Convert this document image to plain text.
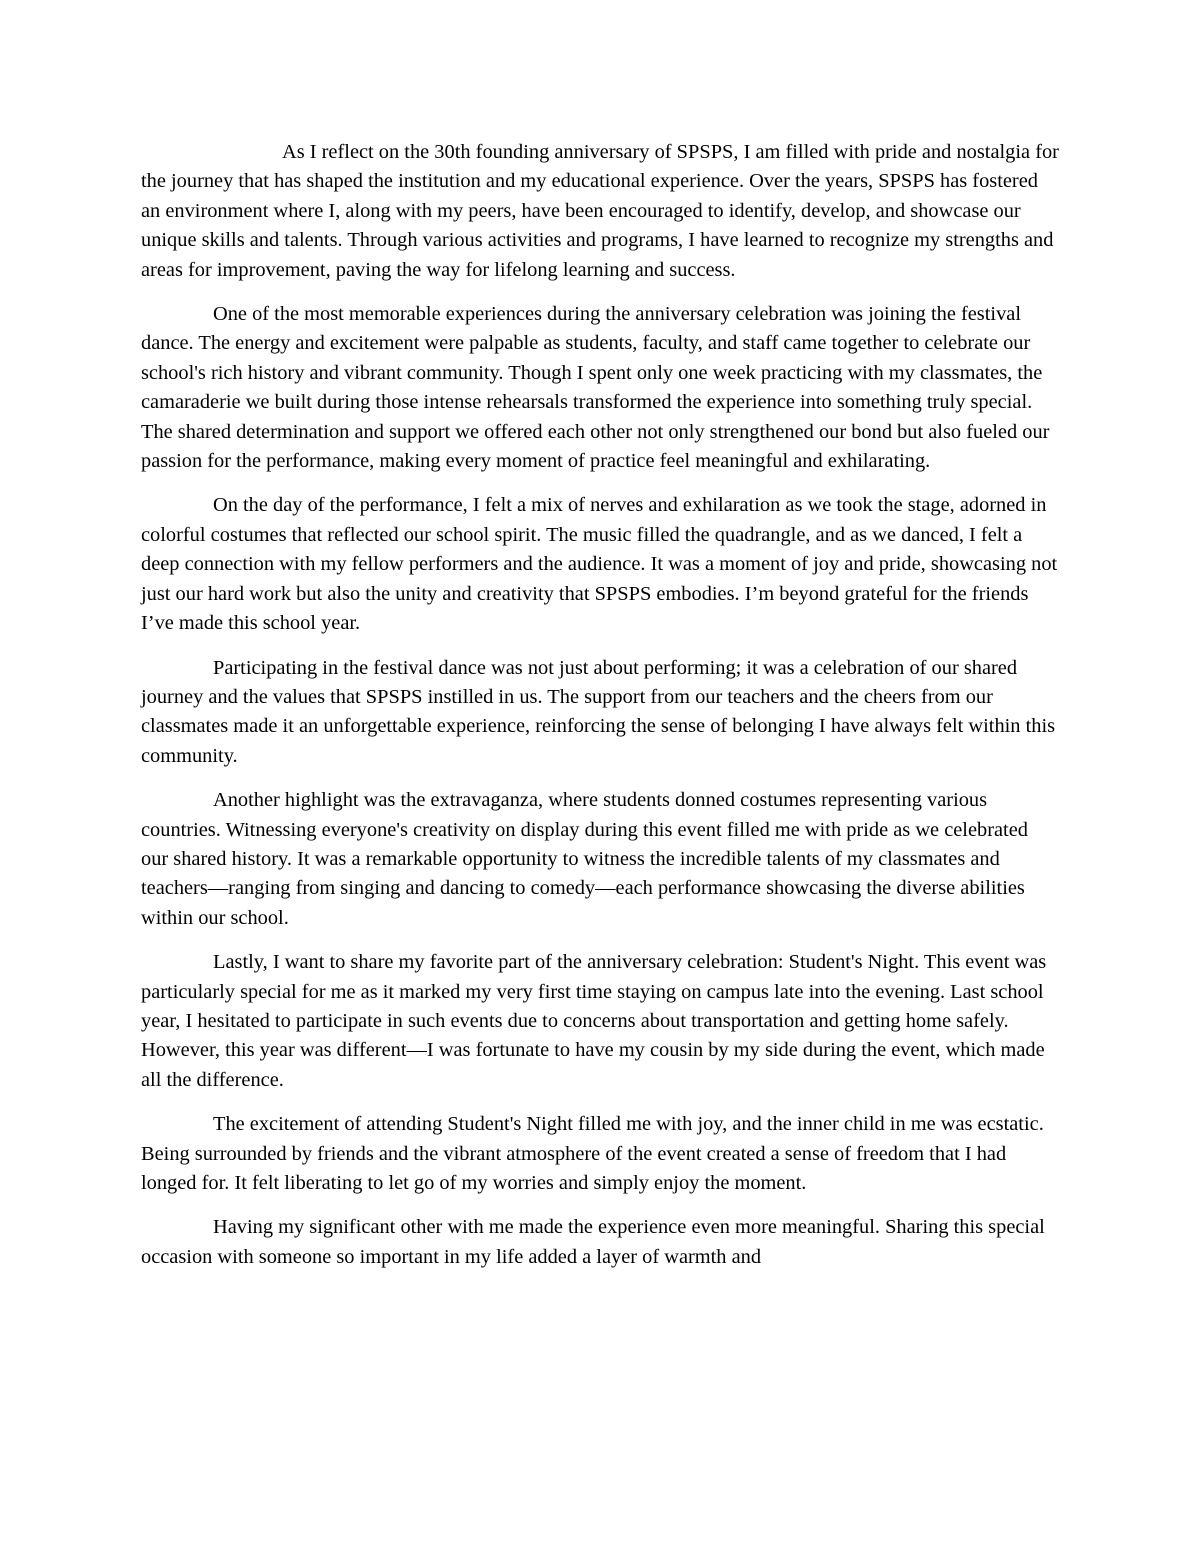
As I reflect on the 30th founding anniversary of SPSPS, I am filled with pride and nostalgia for the journey that has shaped the institution and my educational experience. Over the years, SPSPS has fostered an environment where I, along with my peers, have been encouraged to identify, develop, and showcase our unique skills and talents. Through various activities and programs, I have learned to recognize my strengths and areas for improvement, paving the way for lifelong learning and success.

One of the most memorable experiences during the anniversary celebration was joining the festival dance. The energy and excitement were palpable as students, faculty, and staff came together to celebrate our school's rich history and vibrant community. Though I spent only one week practicing with my classmates, the camaraderie we built during those intense rehearsals transformed the experience into something truly special. The shared determination and support we offered each other not only strengthened our bond but also fueled our passion for the performance, making every moment of practice feel meaningful and exhilarating.

On the day of the performance, I felt a mix of nerves and exhilaration as we took the stage, adorned in colorful costumes that reflected our school spirit. The music filled the quadrangle, and as we danced, I felt a deep connection with my fellow performers and the audience. It was a moment of joy and pride, showcasing not just our hard work but also the unity and creativity that SPSPS embodies. I’m beyond grateful for the friends I’ve made this school year.

Participating in the festival dance was not just about performing; it was a celebration of our shared journey and the values that SPSPS instilled in us. The support from our teachers and the cheers from our classmates made it an unforgettable experience, reinforcing the sense of belonging I have always felt within this community.

Another highlight was the extravaganza, where students donned costumes representing various countries. Witnessing everyone's creativity on display during this event filled me with pride as we celebrated our shared history. It was a remarkable opportunity to witness the incredible talents of my classmates and teachers—ranging from singing and dancing to comedy—each performance showcasing the diverse abilities within our school.

Lastly, I want to share my favorite part of the anniversary celebration: Student's Night. This event was particularly special for me as it marked my very first time staying on campus late into the evening. Last school year, I hesitated to participate in such events due to concerns about transportation and getting home safely. However, this year was different—I was fortunate to have my cousin by my side during the event, which made all the difference.

The excitement of attending Student's Night filled me with joy, and the inner child in me was ecstatic. Being surrounded by friends and the vibrant atmosphere of the event created a sense of freedom that I had longed for. It felt liberating to let go of my worries and simply enjoy the moment.

Having my significant other with me made the experience even more meaningful. Sharing this special occasion with someone so important in my life added a layer of warmth and
